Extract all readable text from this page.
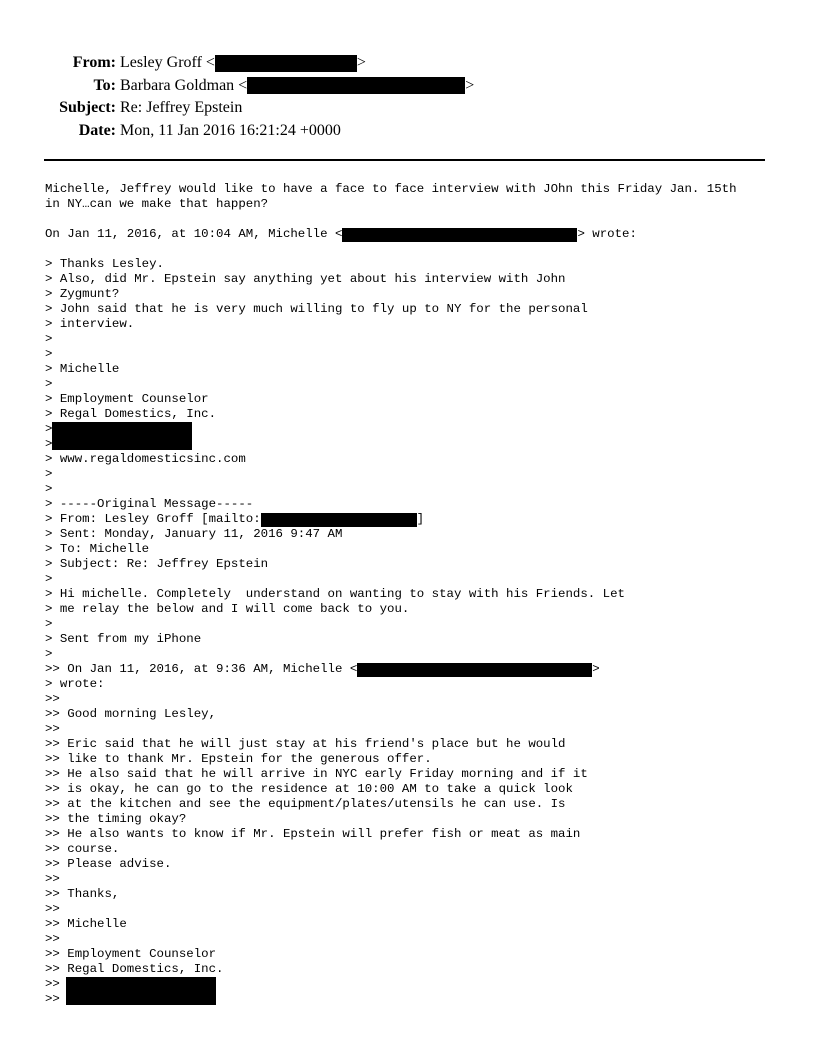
From: Lesley Groff <	>
To: Barbara Goldman <	>
Subject: Re: Jeffrey Epstein
Date: Mon, 11 Jan 2016 16:21:24 +0000
Michelle, Jeffrey would like to have a face to face interview with JOhn this Friday Jan. 15th
in NY…can we make that happen?
On Jan 11, 2016, at 10:04 AM, Michelle <	> wrote:
> Thanks Lesley.
> Also, did Mr. Epstein say anything yet about his interview with John
> Zygmunt?
> John said that he is very much willing to fly up to NY for the personal
> interview.
>
>
> Michelle
>
> Employment Counselor
> Regal Domestics, Inc.
>
>
> www.regaldomesticsinc.com
>
>
> -----Original Message-----
> From: Lesley Groff [mailto:	]
> Sent: Monday, January 11, 2016 9:47 AM
> To: Michelle
> Subject: Re: Jeffrey Epstein
>
> Hi michelle. Completely  understand on wanting to stay with his Friends. Let
> me relay the below and I will come back to you.
>
> Sent from my iPhone
>
>> On Jan 11, 2016, at 9:36 AM, Michelle <	>
> wrote:
>>
>> Good morning Lesley,
>>
>> Eric said that he will just stay at his friend's place but he would
>> like to thank Mr. Epstein for the generous offer.
>> He also said that he will arrive in NYC early Friday morning and if it
>> is okay, he can go to the residence at 10:00 AM to take a quick look
>> at the kitchen and see the equipment/plates/utensils he can use. Is
>> the timing okay?
>> He also wants to know if Mr. Epstein will prefer fish or meat as main
>> course.
>> Please advise.
>>
>> Thanks,
>>
>> Michelle
>>
>> Employment Counselor
>> Regal Domestics, Inc.
>>
>>
